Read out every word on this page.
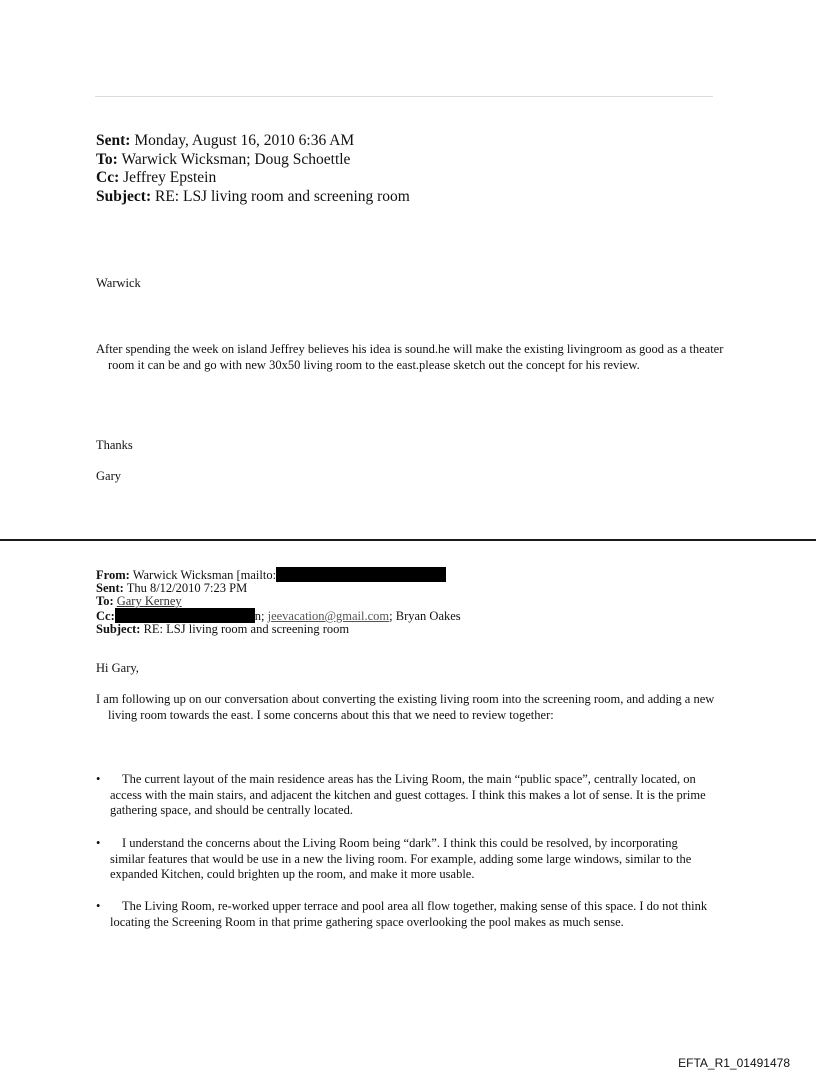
Sent: Monday, August 16, 2010 6:36 AM
To: Warwick Wicksman; Doug Schoettle
Cc: Jeffrey Epstein
Subject: RE: LSJ living room and screening room
Warwick
After spending the week on island Jeffrey believes his idea is sound.he will make the existing livingroom as good as a theater room it can be and go with new 30x50 living room to the east.please sketch out the concept for his review.
Thanks
Gary
From: Warwick Wicksman [mailto:
Sent: Thu 8/12/2010 7:23 PM
To: Gary Kerney
Cc:	n; jeevacation@gmail.com; Bryan Oakes
Subject: RE: LSJ living room and screening room
Hi Gary,
I am following up on our conversation about converting the existing living room into the screening room, and adding a new living room towards the east. I some concerns about this that we need to review together:
•	The current layout of the main residence areas has the Living Room, the main “public space”, centrally located, on access with the main stairs, and adjacent the kitchen and guest cottages. I think this makes a lot of sense. It is the prime gathering space, and should be centrally located.
•	I understand the concerns about the Living Room being “dark”. I think this could be resolved, by incorporating similar features that would be use in a new the living room. For example, adding some large windows, similar to the expanded Kitchen, could brighten up the room, and make it more usable.
•	The Living Room, re-worked upper terrace and pool area all flow together, making sense of this space. I do not think locating the Screening Room in that prime gathering space overlooking the pool makes as much sense.
EFTA_R1_01491478
